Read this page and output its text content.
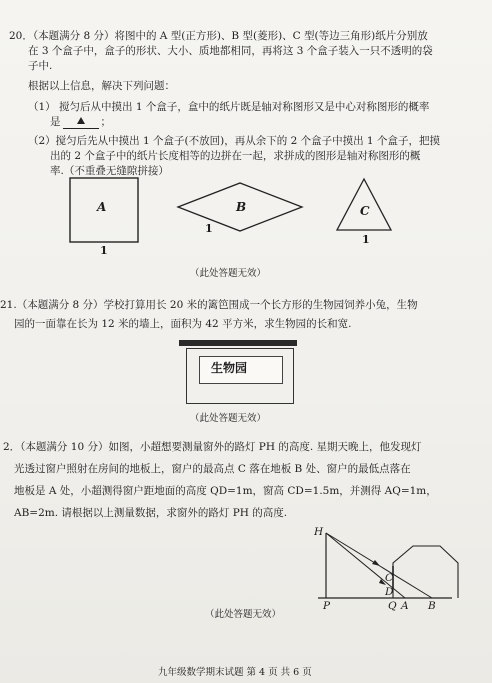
20．（本题满分 8 分）将图中的 A 型(正方形)、B 型(菱形)、C 型(等边三角形)纸片分别放
在 3 个盒子中，盒子的形状、大小、质地都相同，再将这 3 个盒子装入一只不透明的袋
子中.
根据以上信息，解决下列问题：
（1） 搅匀后从中摸出 1 个盒子，盒中的纸片既是轴对称图形又是中心对称图形的概率
是	；
（2）搅匀后先从中摸出 1 个盒子(不放回)，再从余下的 2 个盒子中摸出 1 个盒子，把摸
出的 2 个盒子中的纸片长度相等的边拼在一起，求拼成的图形是轴对称图形的概
率.（不重叠无缝隙拼接）
A
1
B
1
C
1
（此处答题无效）
21.（本题满分 8 分）学校打算用长 20 米的篱笆围成一个长方形的生物园饲养小兔，生物
园的一面靠在长为 12 米的墙上，面积为 42 平方米，求生物园的长和宽.
生物园
（此处答题无效）
2．（本题满分 10 分）如图，小超想要测量窗外的路灯 PH 的高度. 星期天晚上，他发现灯
光透过窗户照射在房间的地板上，窗户的最高点 C 落在地板 B 处、窗户的最低点落在
地板是 A 处，小超测得窗户距地面的高度 QD=1m，窗高 CD=1.5m，并测得 AQ=1m，
AB=2m. 请根据以上测量数据，求窗外的路灯 PH 的高度.
H
C
D
P	Q A B
（此处答题无效）
九年级数学期末试题 第 4 页 共 6 页
